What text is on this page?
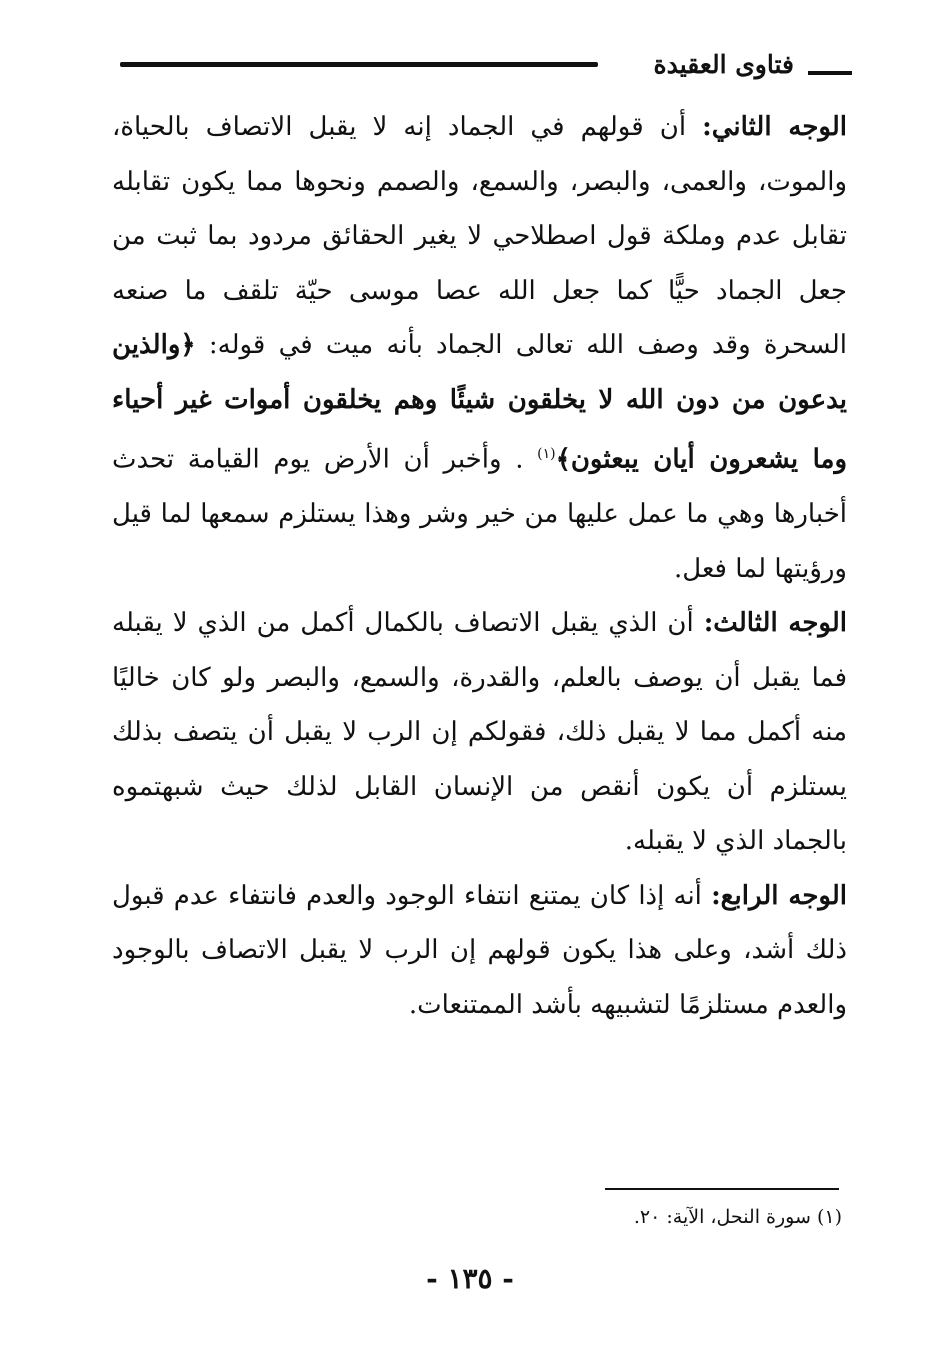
فتاوى العقيدة

الوجه الثاني: أن قولهم في الجماد إنه لا يقبل الاتصاف بالحياة، والموت، والعمى، والبصر، والسمع، والصمم ونحوها مما يكون تقابله تقابل عدم وملكة قول اصطلاحي لا يغير الحقائق مردود بما ثبت من جعل الجماد حيًّا كما جعل الله عصا موسى حيّة تلقف ما صنعه السحرة وقد وصف الله تعالى الجماد بأنه ميت في قوله: ﴿والذين يدعون من دون الله لا يخلقون شيئًا وهم يخلقون أموات غير أحياء وما يشعرون أيان يبعثون﴾$^{(١)}$ . وأخبر أن الأرض يوم القيامة تحدث أخبارها وهي ما عمل عليها من خير وشر وهذا يستلزم سمعها لما قيل ورؤيتها لما فعل.

الوجه الثالث: أن الذي يقبل الاتصاف بالكمال أكمل من الذي لا يقبله فما يقبل أن يوصف بالعلم، والقدرة، والسمع، والبصر ولو كان خاليًا منه أكمل مما لا يقبل ذلك، فقولكم إن الرب لا يقبل أن يتصف بذلك يستلزم أن يكون أنقص من الإنسان القابل لذلك حيث شبهتموه بالجماد الذي لا يقبله.

الوجه الرابع: أنه إذا كان يمتنع انتفاء الوجود والعدم فانتفاء عدم قبول ذلك أشد، وعلى هذا يكون قولهم إن الرب لا يقبل الاتصاف بالوجود والعدم مستلزمًا لتشبيهه بأشد الممتنعات.

(١) سورة النحل، الآية: ٢٠.
- ١٣٥ -
